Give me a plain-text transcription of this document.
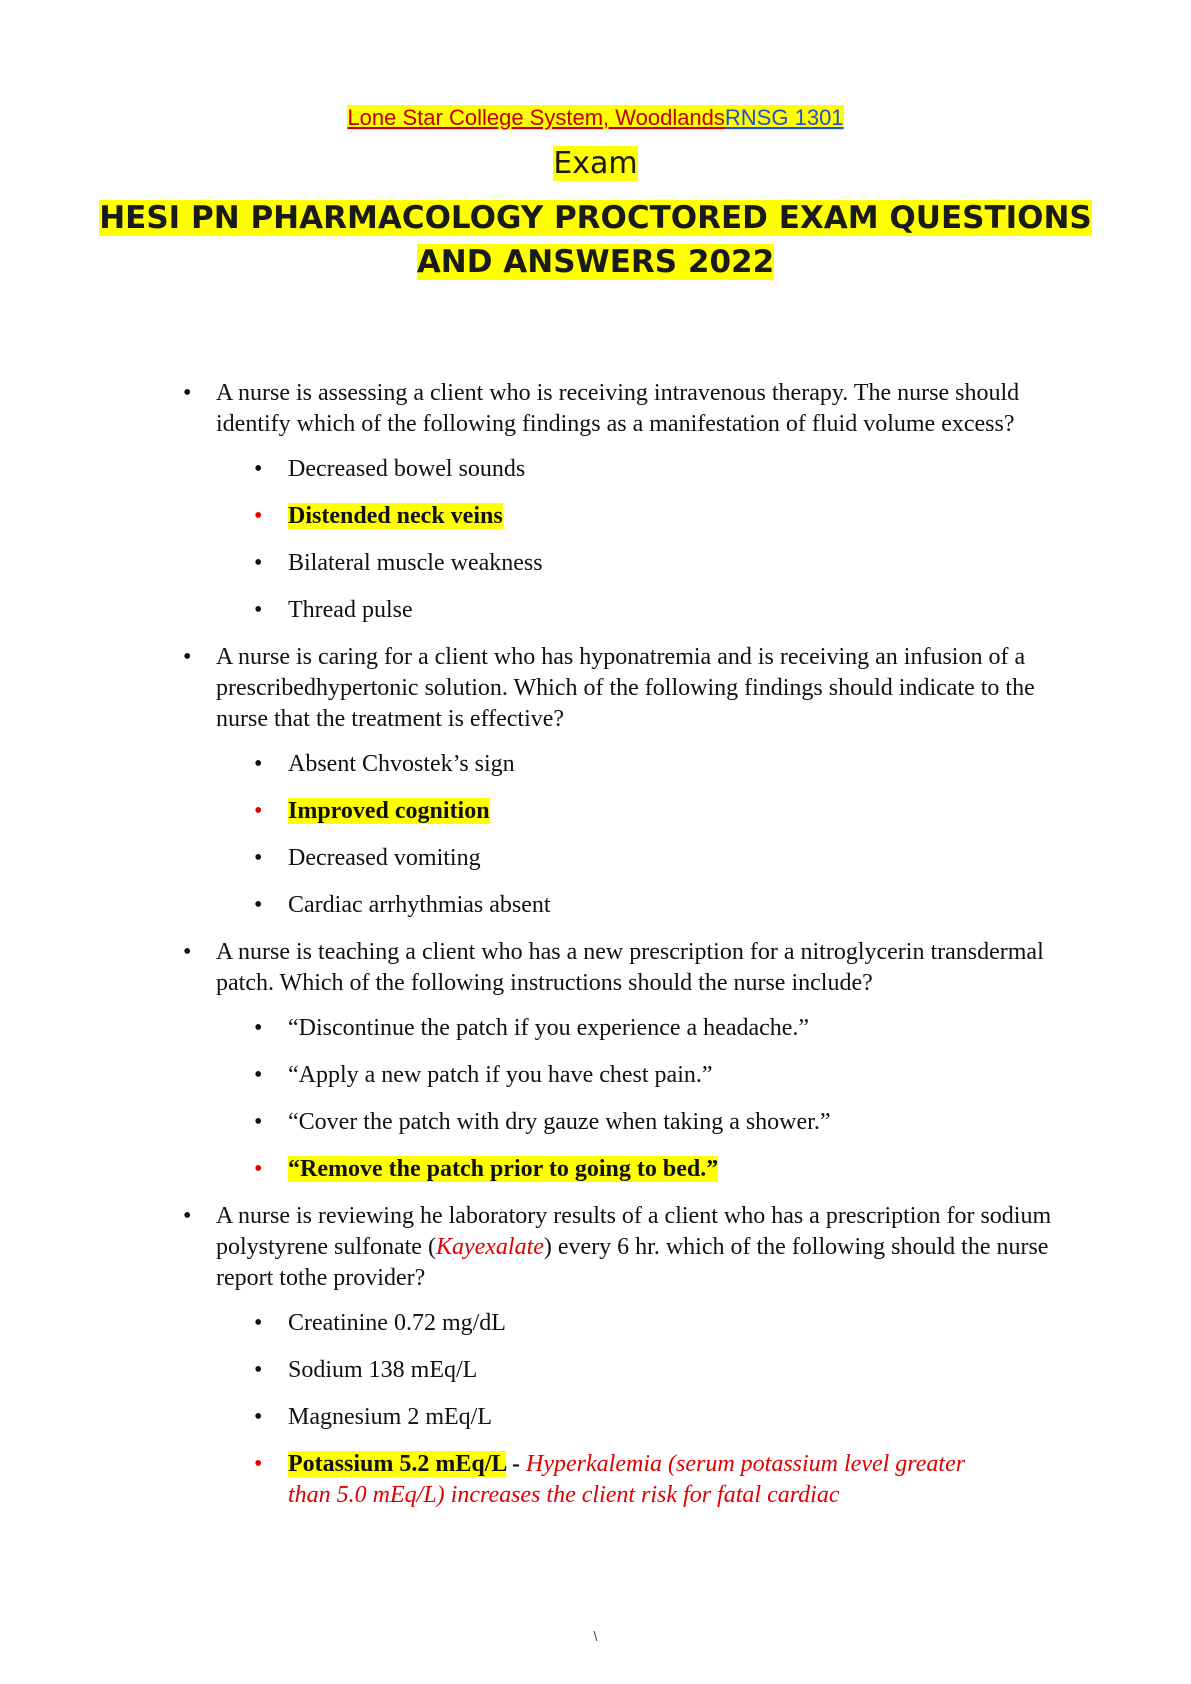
Lone Star College System, WoodlandsRNSG 1301
Exam
HESI PN PHARMACOLOGY PROCTORED EXAM QUESTIONS
AND ANSWERS 2022
• A nurse is assessing a client who is receiving intravenous therapy. The nurse should identify which of the following findings as a manifestation of fluid volume excess?
• Decreased bowel sounds
• Distended neck veins
• Bilateral muscle weakness
• Thread pulse
• A nurse is caring for a client who has hyponatremia and is receiving an infusion of a prescribedhypertonic solution. Which of the following findings should indicate to the nurse that the treatment is effective?
• Absent Chvostek’s sign
• Improved cognition
• Decreased vomiting
• Cardiac arrhythmias absent
• A nurse is teaching a client who has a new prescription for a nitroglycerin transdermal patch. Which of the following instructions should the nurse include?
• “Discontinue the patch if you experience a headache.”
• “Apply a new patch if you have chest pain.”
• “Cover the patch with dry gauze when taking a shower.”
• “Remove the patch prior to going to bed.”
• A nurse is reviewing he laboratory results of a client who has a prescription for sodium polystyrene sulfonate (Kayexalate) every 6 hr. which of the following should the nurse report tothe provider?
• Creatinine 0.72 mg/dL
• Sodium 138 mEq/L
• Magnesium 2 mEq/L
• Potassium 5.2 mEq/L - Hyperkalemia (serum potassium level greater than 5.0 mEq/L) increases the client risk for fatal cardiac
\
